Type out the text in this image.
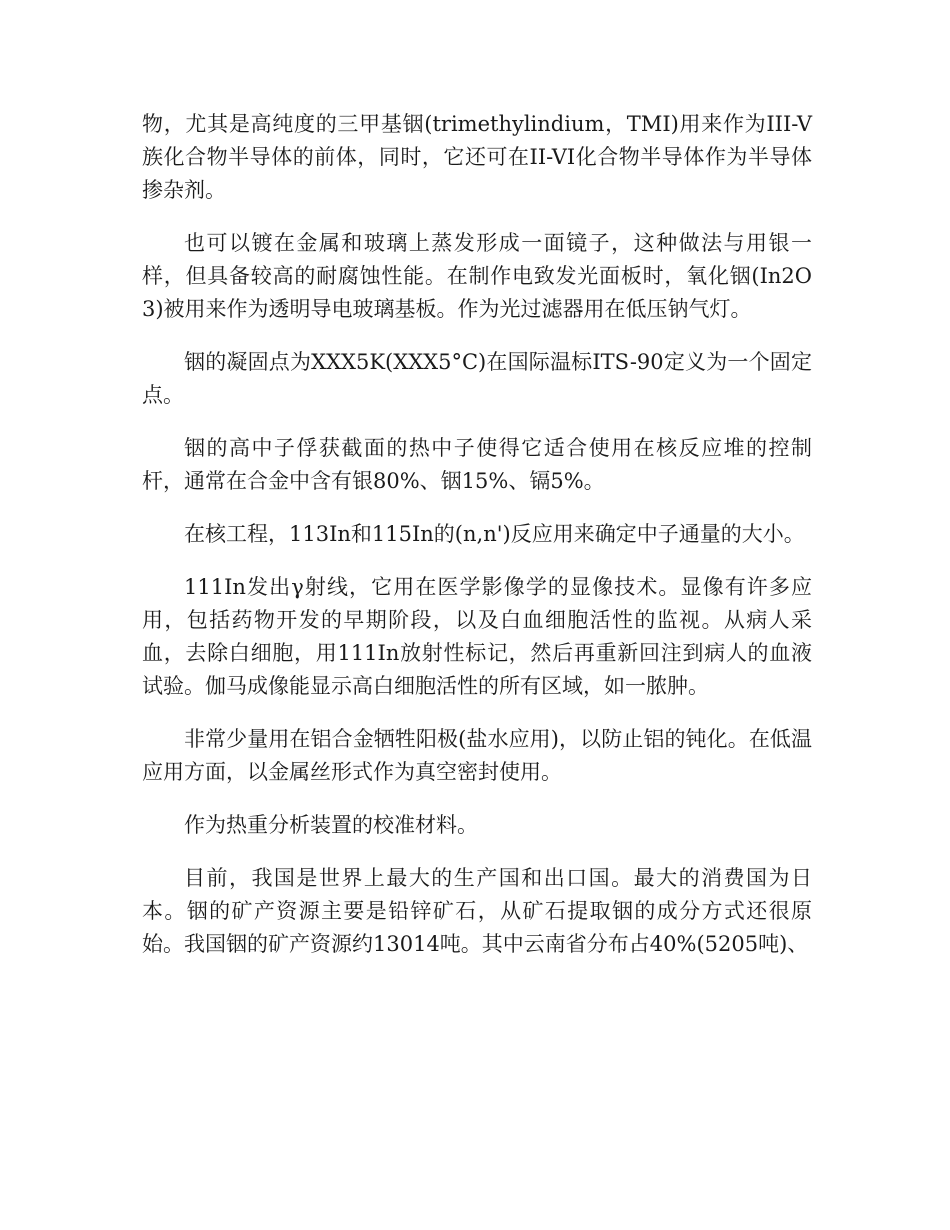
物，尤其是高纯度的三甲基铟(trimethylindium，TMI)用来作为III-V族化合物半导体的前体，同时，它还可在II-VI化合物半导体作为半导体掺杂剂。

也可以镀在金属和玻璃上蒸发形成一面镜子，这种做法与用银一样，但具备较高的耐腐蚀性能。在制作电致发光面板时，氧化铟(In2O3)被用来作为透明导电玻璃基板。作为光过滤器用在低压钠气灯。

铟的凝固点为XXX5K(XXX5°C)在国际温标ITS-90定义为一个固定点。

铟的高中子俘获截面的热中子使得它适合使用在核反应堆的控制杆，通常在合金中含有银80%、铟15%、镉5%。

在核工程，113In和115In的(n,n')反应用来确定中子通量的大小。

111In发出γ射线，它用在医学影像学的显像技术。显像有许多应用，包括药物开发的早期阶段，以及白血细胞活性的监视。从病人采血，去除白细胞，用111In放射性标记，然后再重新回注到病人的血液试验。伽马成像能显示高白细胞活性的所有区域，如一脓肿。

非常少量用在铝合金牺牲阳极(盐水应用)，以防止铝的钝化。在低温应用方面，以金属丝形式作为真空密封使用。

作为热重分析装置的校准材料。

目前，我国是世界上最大的生产国和出口国。最大的消费国为日本。铟的矿产资源主要是铅锌矿石，从矿石提取铟的成分方式还很原始。我国铟的矿产资源约13014吨。其中云南省分布占40%(5205吨)、
